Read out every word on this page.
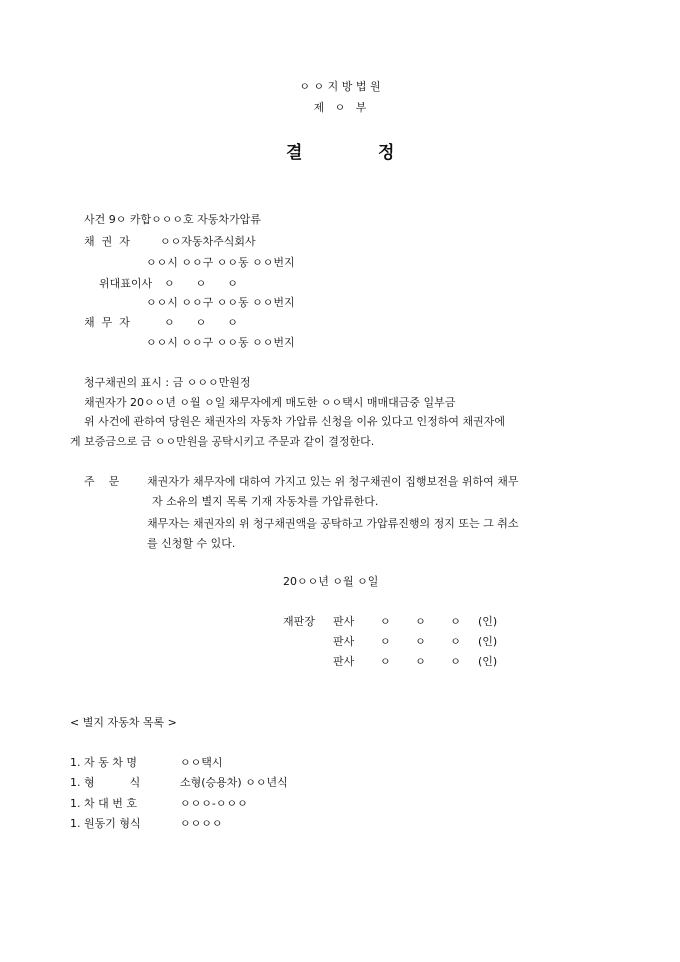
ㅇ ㅇ 지 방 법 원
제   ㅇ   부
결	정
사건 9ㅇ 카합ㅇㅇㅇ호 자동차가압류
채  권  자	ㅇㅇ자동차주식회사
ㅇㅇ시 ㅇㅇ구 ㅇㅇ동 ㅇㅇ번지
위대표이사 ㅇ      ㅇ      ㅇ
ㅇㅇ시 ㅇㅇ구 ㅇㅇ동 ㅇㅇ번지
채  무  자	ㅇ      ㅇ      ㅇ
ㅇㅇ시 ㅇㅇ구 ㅇㅇ동 ㅇㅇ번지
청구채권의 표시 : 금 ㅇㅇㅇ만원정
채권자가 20ㅇㅇ년 ㅇ월 ㅇ일 채무자에게 매도한 ㅇㅇ택시 매매대금중 일부금
위 사건에 관하여 당원은 채권자의 자동차 가압류 신청을 이유 있다고 인정하여 채권자에
게 보증금으로 금 ㅇㅇ만원을 공탁시키고 주문과 같이 결정한다.
주    문	채권자가 채무자에 대하여 가지고 있는 위 청구채권이 집행보전을 위하여 채무
자 소유의 별지 목록 기재 자동차를 가압류한다.
채무자는 채권자의 위 청구채권액을 공탁하고 가압류진행의 정지 또는 그 취소
를 신청할 수 있다.
20ㅇㅇ년 ㅇ월 ㅇ일
재판장 판사 ㅇ       ㅇ       ㅇ (인)
판사 ㅇ       ㅇ       ㅇ (인)
판사 ㅇ       ㅇ       ㅇ (인)
< 별지 자동차 목록 >
1. 자 동 차 명	ㅇㅇ택시
1. 형          식	소형(승용차) ㅇㅇ년식
1. 차 대 번 호	ㅇㅇㅇ-ㅇㅇㅇ
1. 원동기 형식	ㅇㅇㅇㅇ
